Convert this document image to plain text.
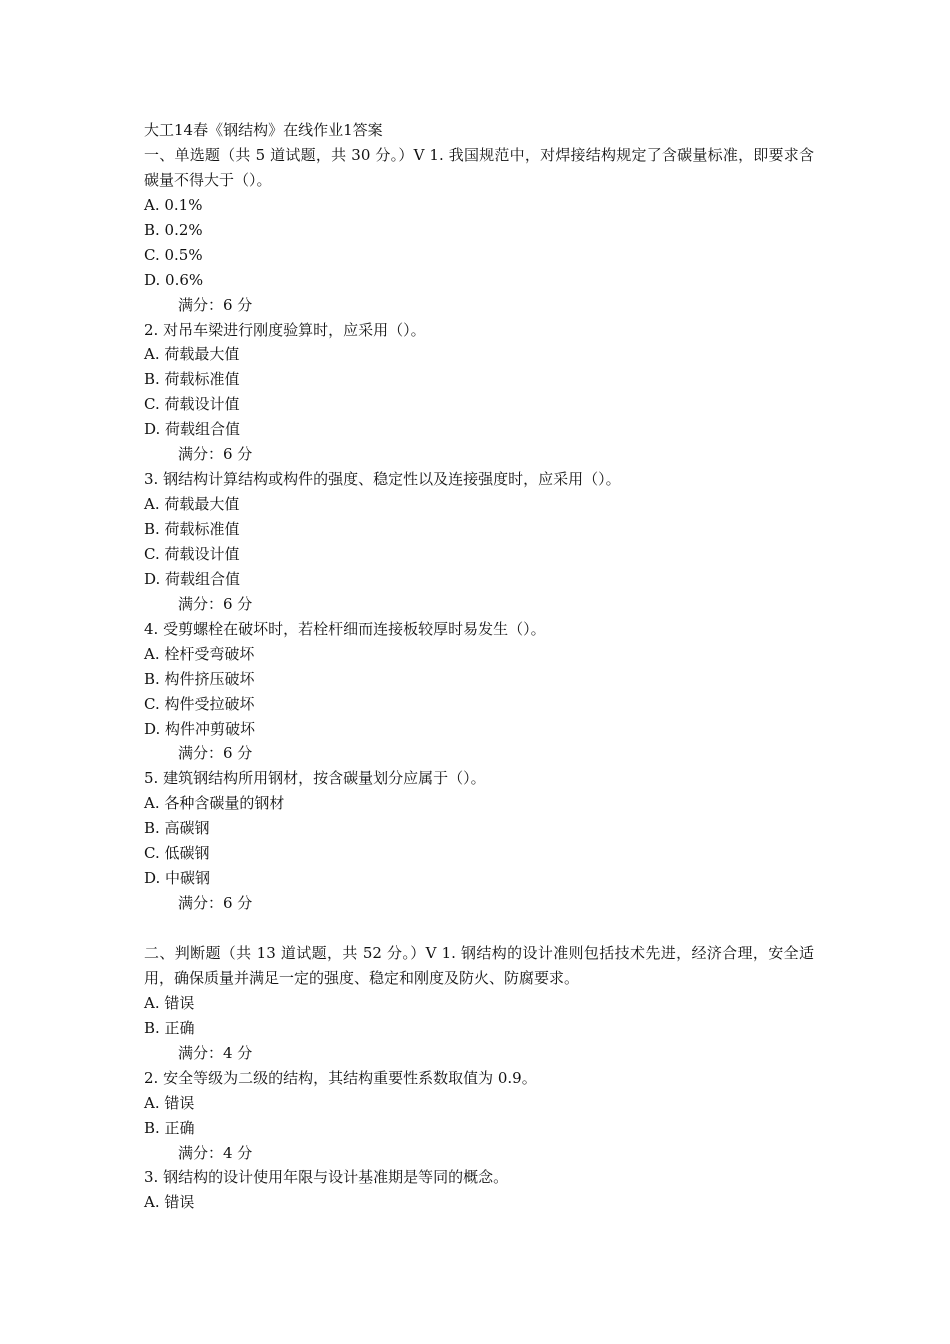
大工14春《钢结构》在线作业1答案
一、单选题（共 5 道试题，共 30 分。）V 1. 我国规范中，对焊接结构规定了含碳量标准，即要求含碳量不得大于（）。
A. 0.1%
B. 0.2%
C. 0.5%
D. 0.6%
满分：6 分
2. 对吊车梁进行刚度验算时，应采用（）。
A. 荷载最大值
B. 荷载标准值
C. 荷载设计值
D. 荷载组合值
满分：6 分
3. 钢结构计算结构或构件的强度、稳定性以及连接强度时，应采用（）。
A. 荷载最大值
B. 荷载标准值
C. 荷载设计值
D. 荷载组合值
满分：6 分
4. 受剪螺栓在破坏时，若栓杆细而连接板较厚时易发生（）。
A. 栓杆受弯破坏
B. 构件挤压破坏
C. 构件受拉破坏
D. 构件冲剪破坏
满分：6 分
5. 建筑钢结构所用钢材，按含碳量划分应属于（）。
A. 各种含碳量的钢材
B. 高碳钢
C. 低碳钢
D. 中碳钢
满分：6 分
二、判断题（共 13 道试题，共 52 分。）V 1. 钢结构的设计准则包括技术先进，经济合理，安全适用，确保质量并满足一定的强度、稳定和刚度及防火、防腐要求。
A. 错误
B. 正确
满分：4 分
2. 安全等级为二级的结构，其结构重要性系数取值为 0.9。
A. 错误
B. 正确
满分：4 分
3. 钢结构的设计使用年限与设计基准期是等同的概念。
A. 错误
